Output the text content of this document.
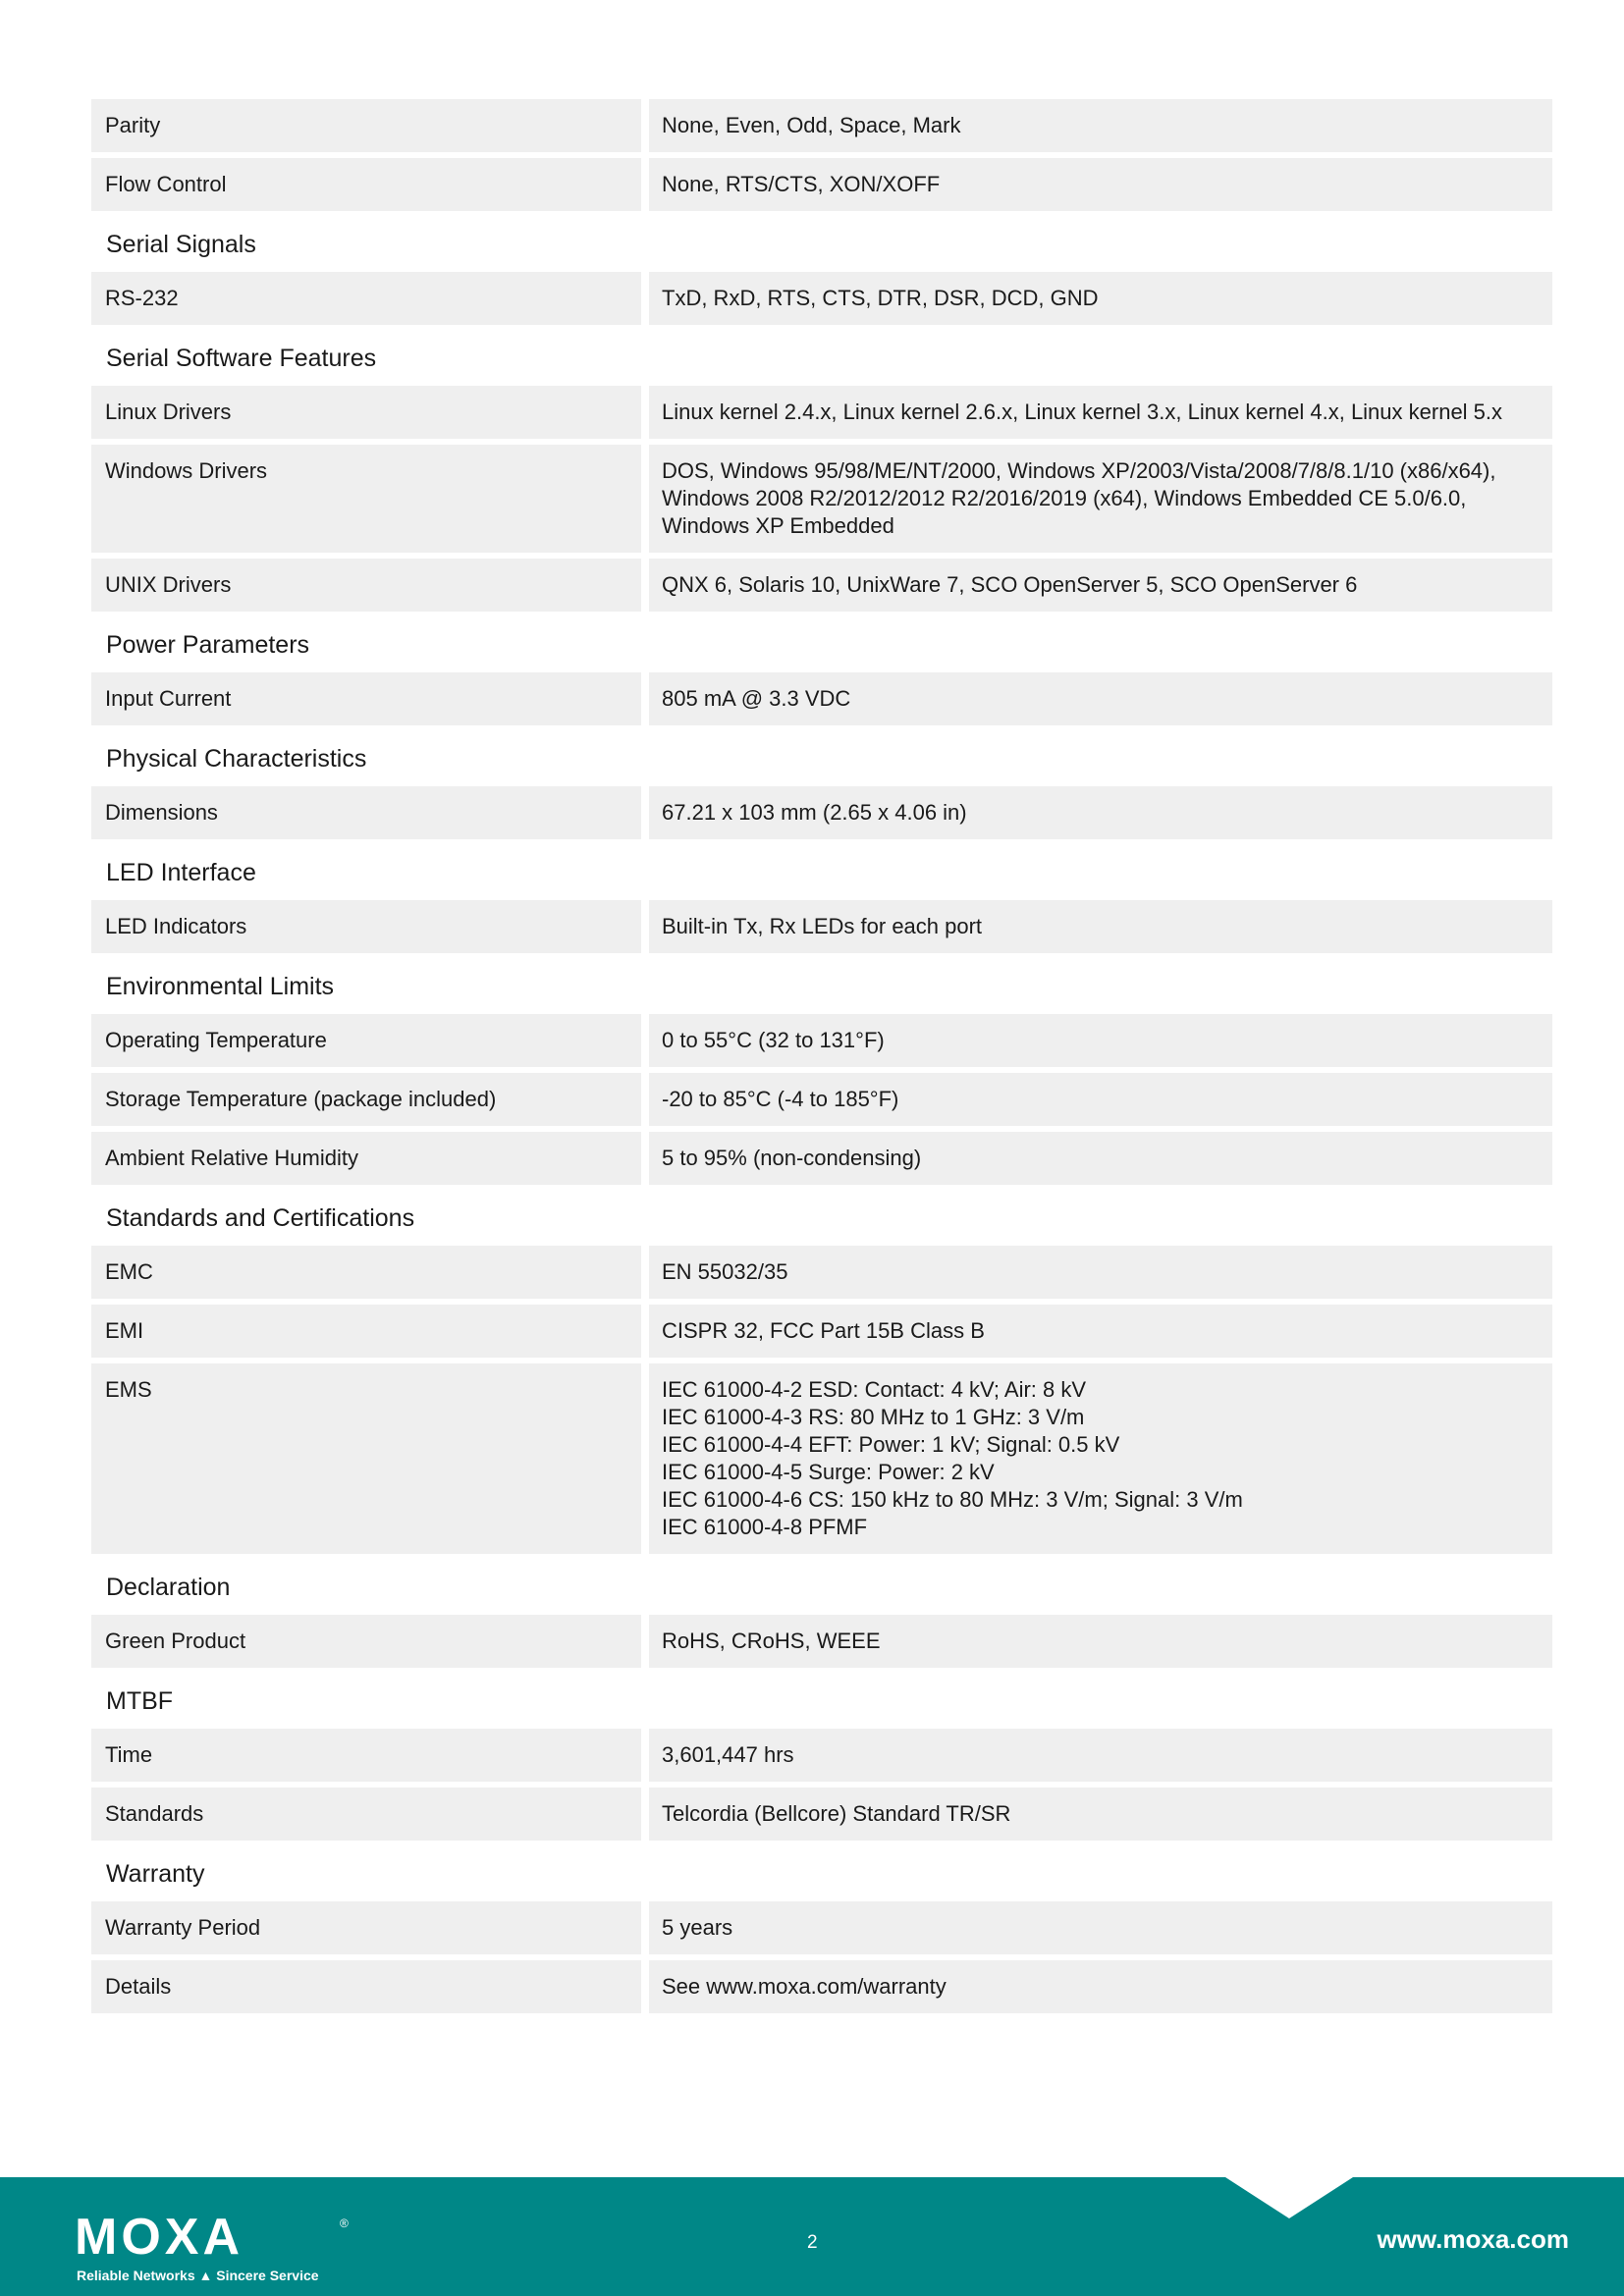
Parity	None, Even, Odd, Space, Mark
Flow Control	None, RTS/CTS, XON/XOFF
Serial Signals
RS-232	TxD, RxD, RTS, CTS, DTR, DSR, DCD, GND
Serial Software Features
Linux Drivers	Linux kernel 2.4.x, Linux kernel 2.6.x, Linux kernel 3.x, Linux kernel 4.x, Linux kernel 5.x
Windows Drivers	DOS, Windows 95/98/ME/NT/2000, Windows XP/2003/Vista/2008/7/8/8.1/10 (x86/x64),
Windows 2008 R2/2012/2012 R2/2016/2019 (x64), Windows Embedded CE 5.0/6.0,
Windows XP Embedded
UNIX Drivers	QNX 6, Solaris 10, UnixWare 7, SCO OpenServer 5, SCO OpenServer 6
Power Parameters
Input Current	805 mA @ 3.3 VDC
Physical Characteristics
Dimensions	67.21 x 103 mm (2.65 x 4.06 in)
LED Interface
LED Indicators	Built-in Tx, Rx LEDs for each port
Environmental Limits
Operating Temperature	0 to 55°C (32 to 131°F)
Storage Temperature (package included)	-20 to 85°C (-4 to 185°F)
Ambient Relative Humidity	5 to 95% (non-condensing)
Standards and Certifications
EMC	EN 55032/35
EMI	CISPR 32, FCC Part 15B Class B
EMS	IEC 61000-4-2 ESD: Contact: 4 kV; Air: 8 kV
IEC 61000-4-3 RS: 80 MHz to 1 GHz: 3 V/m
IEC 61000-4-4 EFT: Power: 1 kV; Signal: 0.5 kV
IEC 61000-4-5 Surge: Power: 2 kV
IEC 61000-4-6 CS: 150 kHz to 80 MHz: 3 V/m; Signal: 3 V/m
IEC 61000-4-8 PFMF
Declaration
Green Product	RoHS, CRoHS, WEEE
MTBF
Time	3,601,447 hrs
Standards	Telcordia (Bellcore) Standard TR/SR
Warranty
Warranty Period	5 years
Details	See www.moxa.com/warranty
MOXA	®
Reliable Networks ▲ Sincere Service
2	www.moxa.com
